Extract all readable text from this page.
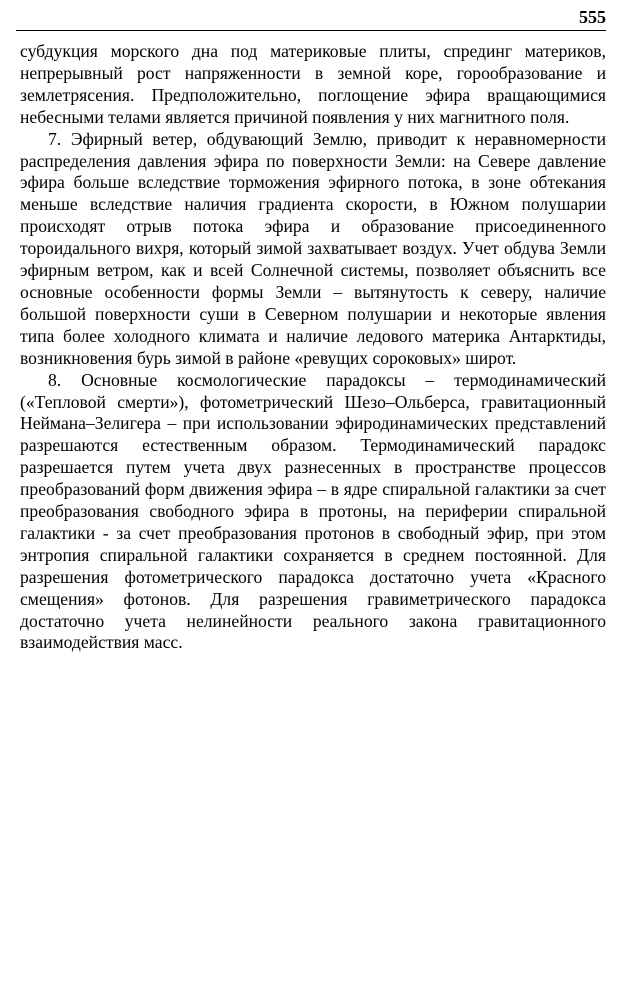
555

субдукция морского дна под материковые плиты, спрединг материков, непрерывный рост напряженности в земной коре, горообразование и землетрясения. Предположительно, поглощение эфира вращающимися небесными телами является причиной появления у них магнитного поля.

7. Эфирный ветер, обдувающий Землю, приводит к неравномерности распределения давления эфира по поверхности Земли: на Севере давление эфира больше вследствие торможения эфирного потока, в зоне обтекания меньше вследствие наличия градиента скорости, в Южном полушарии происходят отрыв потока эфира и образование присоединенного тороидального вихря, который зимой захватывает воздух. Учет обдува Земли эфирным ветром, как и всей Солнечной системы, позволяет объяснить все основные особенности формы Земли – вытянутость к северу, наличие большой поверхности суши в Северном полушарии и некоторые явления типа более холодного климата и наличие ледового материка Антарктиды, возникновения бурь зимой в районе «ревущих сороковых» широт.

8. Основные космологические парадоксы – термодинамический («Тепловой смерти»), фотометрический Шезо–Ольберса, гравитационный Неймана–Зелигера – при использовании эфиродинамических представлений разрешаются естественным образом. Термодинамический парадокс разрешается путем учета двух разнесенных в пространстве процессов преобразований форм движения эфира – в ядре спиральной галактики за счет преобразования свободного эфира в протоны, на периферии спиральной галактики - за счет преобразования протонов в свободный эфир, при этом энтропия спиральной галактики сохраняется в среднем постоянной. Для разрешения фотометрического парадокса достаточно учета «Красного смещения» фотонов. Для разрешения гравиметрического парадокса достаточно учета нелинейности реального закона гравитационного взаимодействия масс.
